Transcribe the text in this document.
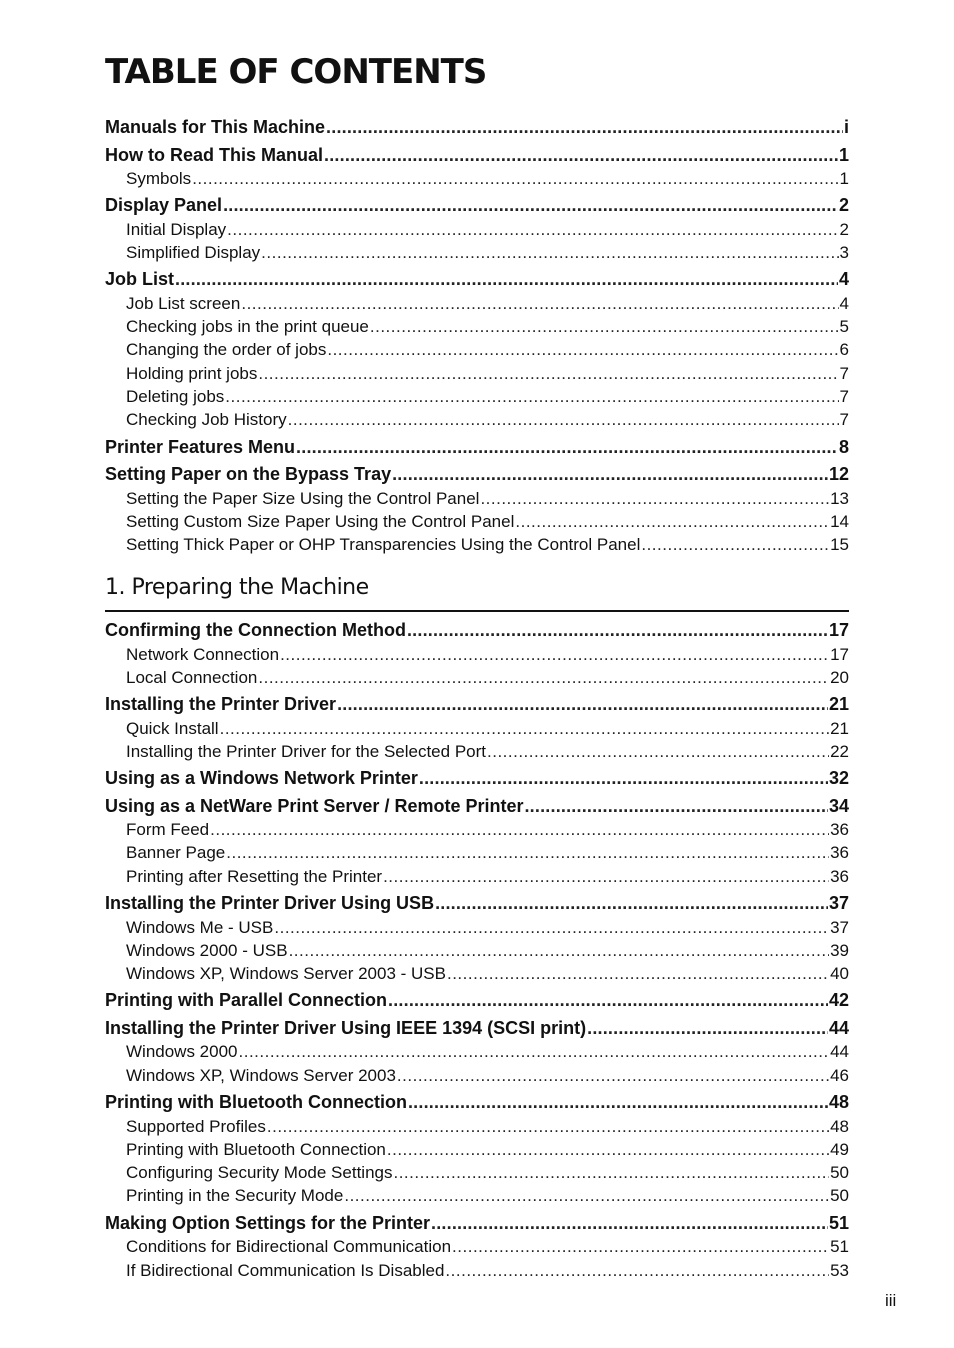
TABLE OF CONTENTS
Manuals for This Machine .....	i
How to Read This Manual .....	1
Symbols .....	1
Display Panel .....	2
Initial Display .....	2
Simplified Display .....	3
Job List .....	4
Job List screen .....	4
Checking jobs in the print queue .....	5
Changing the order of jobs .....	6
Holding print jobs .....	7
Deleting jobs .....	7
Checking Job History .....	7
Printer Features Menu .....	8
Setting Paper on the Bypass Tray .....	12
Setting the Paper Size Using the Control Panel .....	13
Setting Custom Size Paper Using the Control Panel .....	14
Setting Thick Paper or OHP Transparencies Using the Control Panel .....	15
1. Preparing the Machine
Confirming the Connection Method .....	17
Network Connection .....	17
Local Connection .....	20
Installing the Printer Driver .....	21
Quick Install .....	21
Installing the Printer Driver for the Selected Port .....	22
Using as a Windows Network Printer .....	32
Using as a NetWare Print Server / Remote Printer .....	34
Form Feed .....	36
Banner Page .....	36
Printing after Resetting the Printer .....	36
Installing the Printer Driver Using USB .....	37
Windows Me - USB .....	37
Windows 2000 - USB .....	39
Windows XP, Windows Server 2003 - USB .....	40
Printing with Parallel Connection .....	42
Installing the Printer Driver Using IEEE 1394 (SCSI print) .....	44
Windows 2000 .....	44
Windows XP, Windows Server 2003 .....	46
Printing with Bluetooth Connection .....	48
Supported Profiles .....	48
Printing with Bluetooth Connection .....	49
Configuring Security Mode Settings .....	50
Printing in the Security Mode .....	50
Making Option Settings for the Printer .....	51
Conditions for Bidirectional Communication .....	51
If Bidirectional Communication Is Disabled .....	53
iii
